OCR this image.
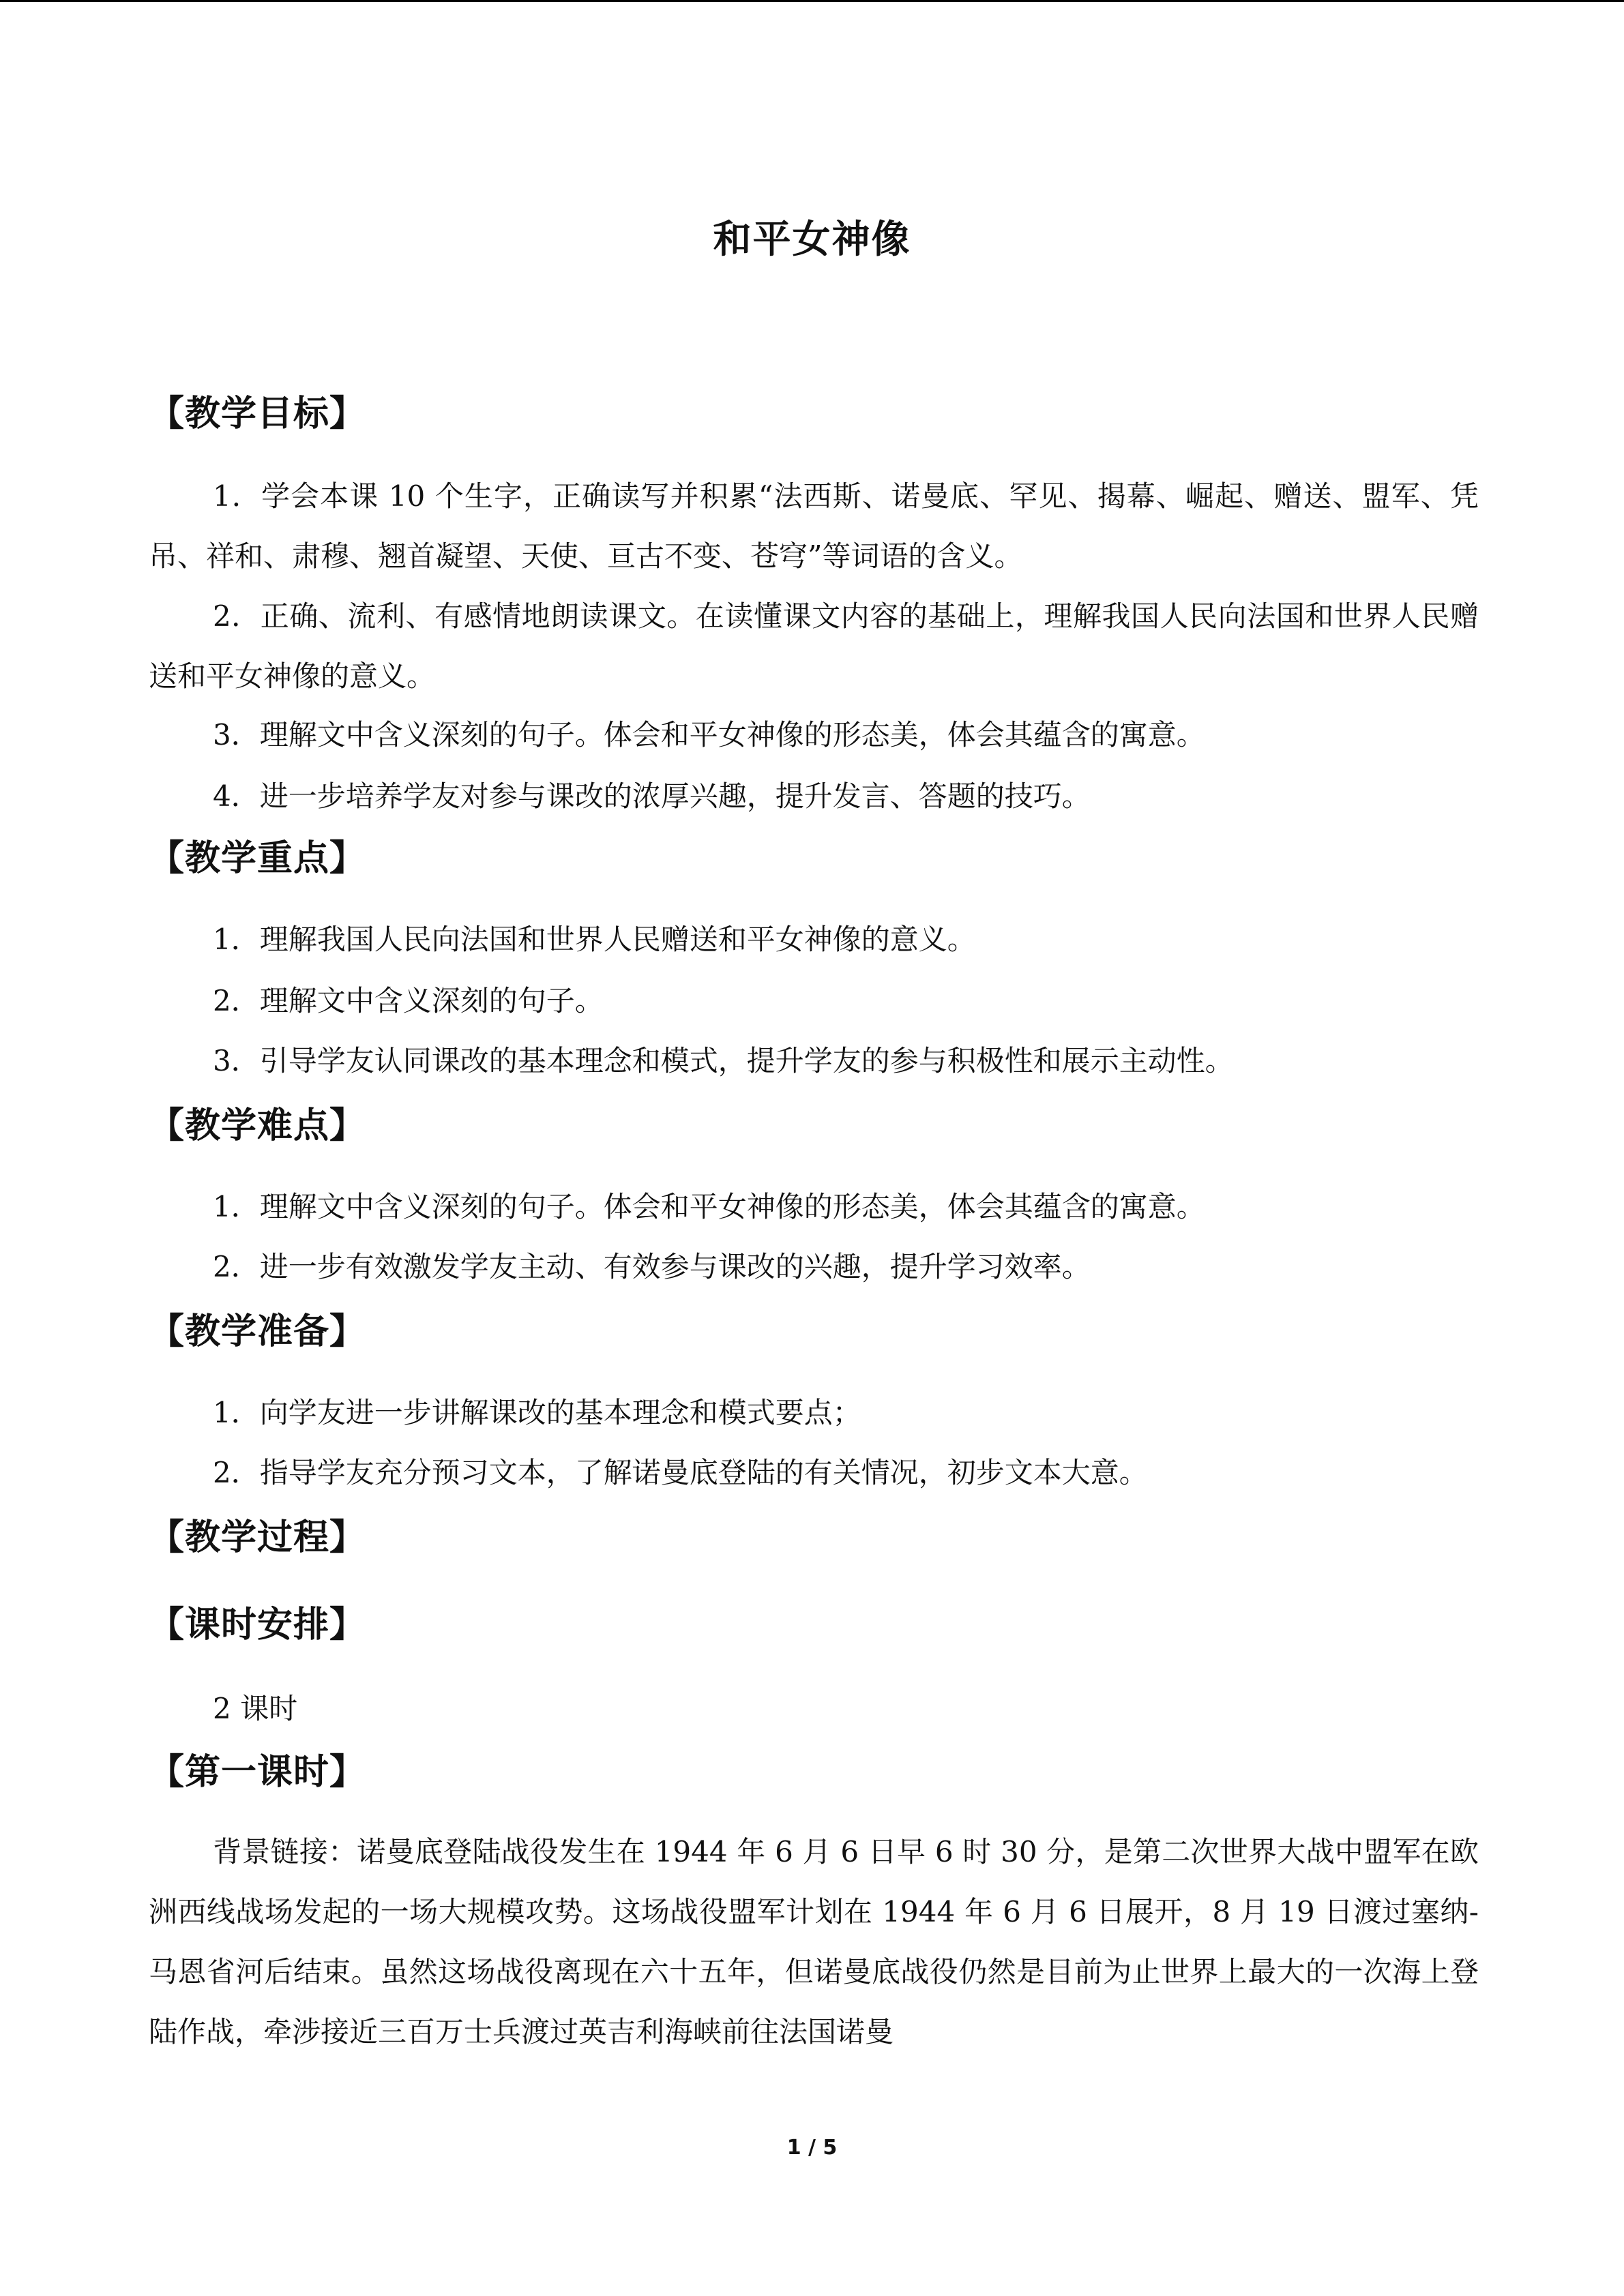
和平女神像
【教学目标】
1．学会本课 10 个生字，正确读写并积累“法西斯、诺曼底、罕见、揭幕、崛起、赠送、盟军、凭吊、祥和、肃穆、翘首凝望、天使、亘古不变、苍穹”等词语的含义。
2．正确、流利、有感情地朗读课文。在读懂课文内容的基础上，理解我国人民向法国和世界人民赠送和平女神像的意义。
3．理解文中含义深刻的句子。体会和平女神像的形态美，体会其蕴含的寓意。
4．进一步培养学友对参与课改的浓厚兴趣，提升发言、答题的技巧。
【教学重点】
1．理解我国人民向法国和世界人民赠送和平女神像的意义。
2．理解文中含义深刻的句子。
3．引导学友认同课改的基本理念和模式，提升学友的参与积极性和展示主动性。
【教学难点】
1．理解文中含义深刻的句子。体会和平女神像的形态美，体会其蕴含的寓意。
2．进一步有效激发学友主动、有效参与课改的兴趣，提升学习效率。
【教学准备】
1．向学友进一步讲解课改的基本理念和模式要点；
2．指导学友充分预习文本，了解诺曼底登陆的有关情况，初步文本大意。
【教学过程】
【课时安排】
2 课时
【第一课时】
背景链接：诺曼底登陆战役发生在 1944 年 6 月 6 日早 6 时 30 分，是第二次世界大战中盟军在欧洲西线战场发起的一场大规模攻势。这场战役盟军计划在 1944 年 6 月 6 日展开，8 月 19 日渡过塞纳-马恩省河后结束。虽然这场战役离现在六十五年，但诺曼底战役仍然是目前为止世界上最大的一次海上登陆作战，牵涉接近三百万士兵渡过英吉利海峡前往法国诺曼
1 / 5
